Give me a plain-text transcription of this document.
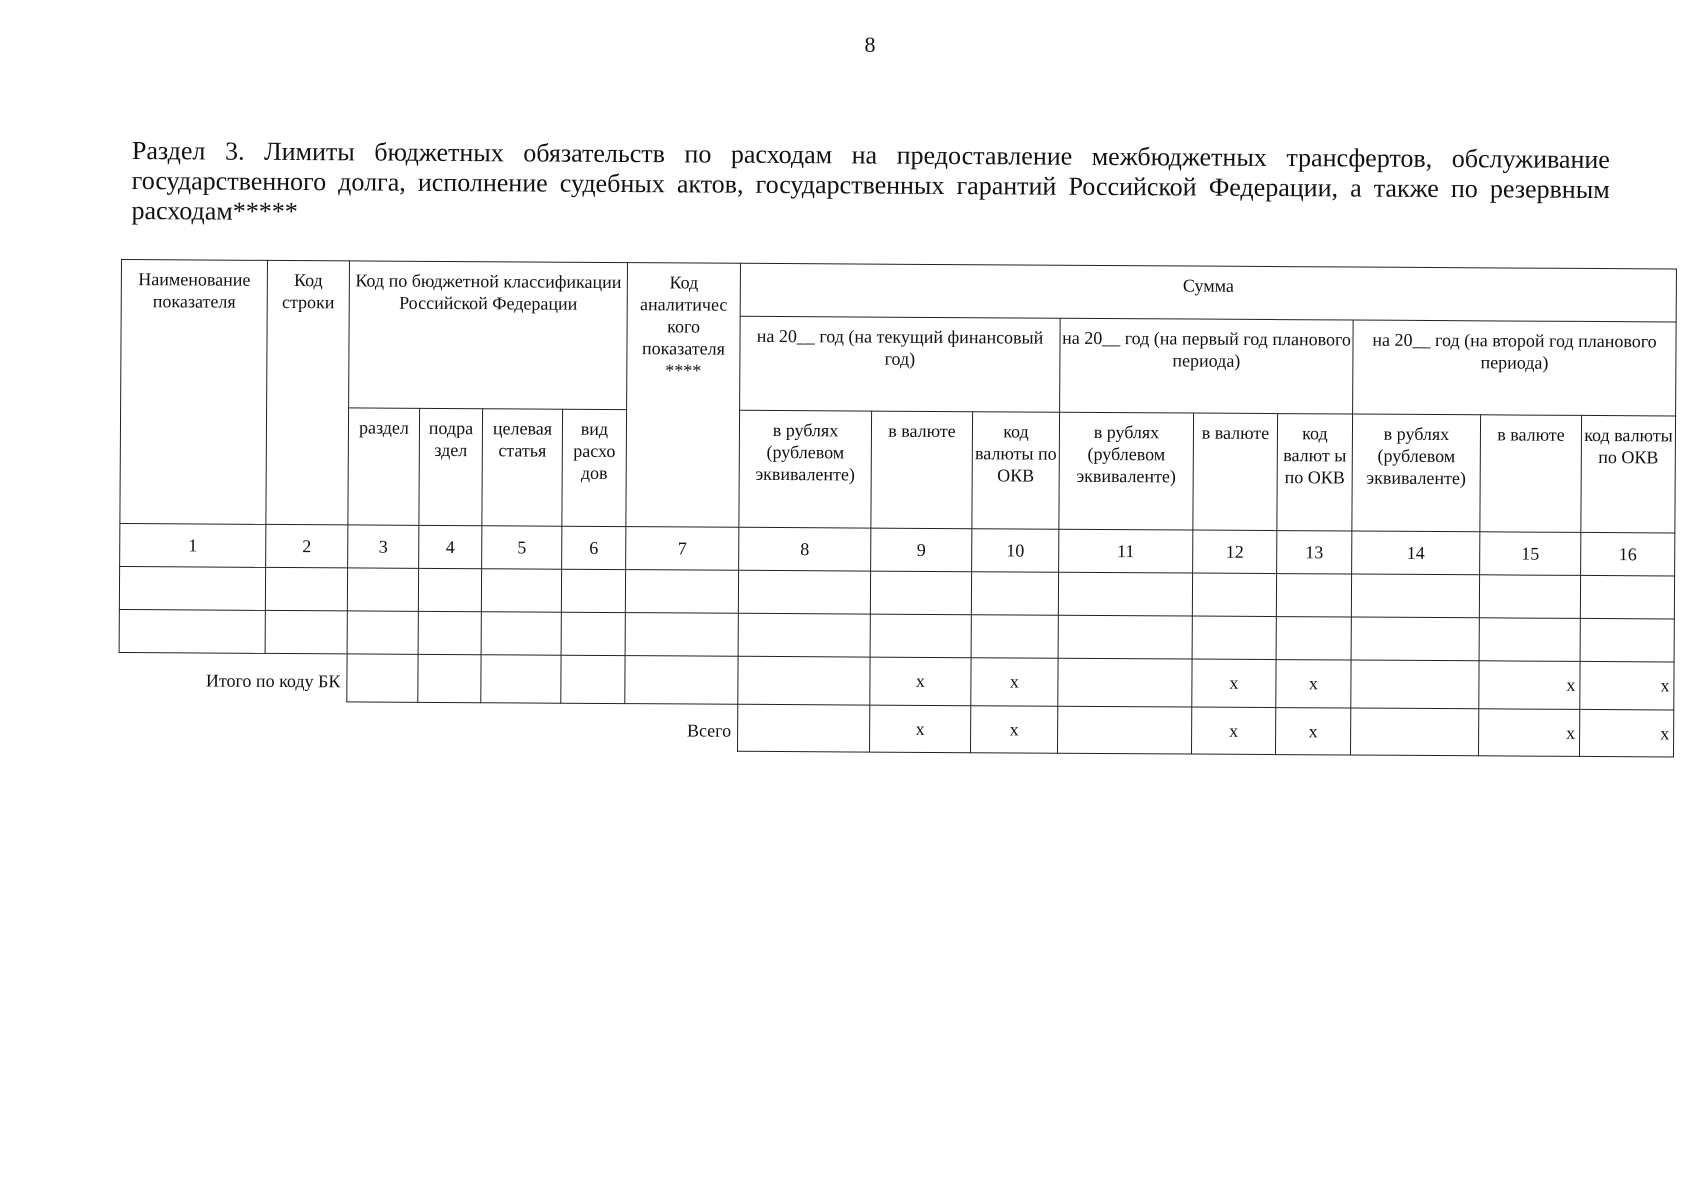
8
Раздел 3. Лимиты бюджетных обязательств по расходам на предоставление межбюджетных трансфертов, обслуживание государственного долга, исполнение судебных актов, государственных гарантий Российской Федерации, а также по резервным расходам*****
Наименование показателя	Код строки	Код по бюджетной классификации Российской Федерации				Код аналитичес кого показателя ****	Сумма								
							на 20__ год (на текущий финансовый год)			на 20__ год (на первый год планового периода)			на 20__ год (на второй год планового периода)		
		раздел	подра здел	целевая статья	вид расхо дов		в рублях (рублевом эквиваленте)	в валюте	код валюты по ОКВ	в рублях (рублевом эквиваленте)	в валюте	код валют ы по ОКВ	в рублях (рублевом эквиваленте)	в валюте	код валюты по ОКВ
1	2	3	4	5	6	7	8	9	10	11	12	13	14	15	16

Итого по коду БК								x	x		x	x		x	x
Всего								x	x		x	x		x	x
